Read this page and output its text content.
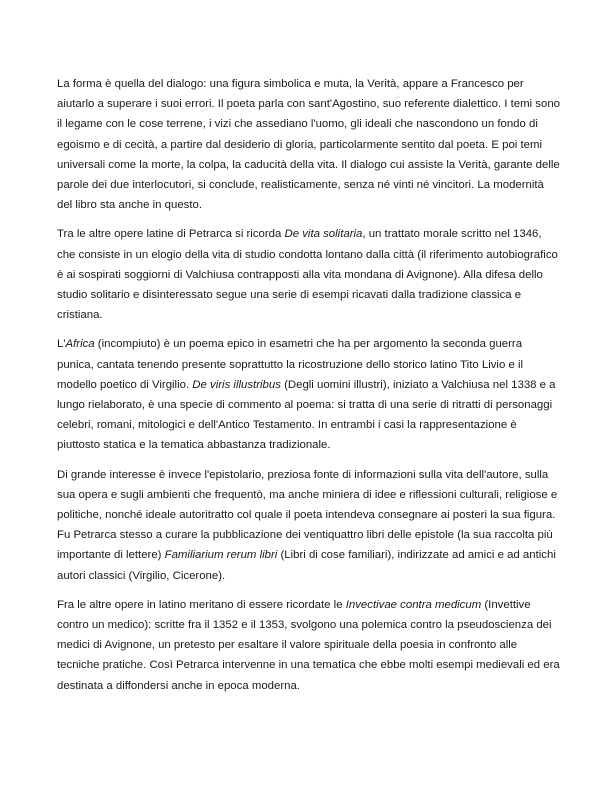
La forma è quella del dialogo: una figura simbolica e muta, la Verità, appare a Francesco per aiutarlo a superare i suoi errori. Il poeta parla con sant'Agostino, suo referente dialettico. I temi sono il legame con le cose terrene, i vizi che assediano l'uomo, gli ideali che nascondono un fondo di egoismo e di cecità, a partire dal desiderio di gloria, particolarmente sentito dal poeta. E poi temi universali come la morte, la colpa, la caducità della vita. Il dialogo cui assiste la Verità, garante delle parole dei due interlocutori, si conclude, realisticamente, senza né vinti né vincitori. La modernità del libro sta anche in questo.

Tra le altre opere latine di Petrarca si ricorda De vita solitaria, un trattato morale scritto nel 1346, che consiste in un elogio della vita di studio condotta lontano dalla città (il riferimento autobiografico è ai sospirati soggiorni di Valchiusa contrapposti alla vita mondana di Avignone). Alla difesa dello studio solitario e disinteressato segue una serie di esempi ricavati dalla tradizione classica e cristiana.

L'Africa (incompiuto) è un poema epico in esametri che ha per argomento la seconda guerra punica, cantata tenendo presente soprattutto la ricostruzione dello storico latino Tito Livio e il modello poetico di Virgilio. De viris illustribus (Degli uomini illustri), iniziato a Valchiusa nel 1338 e a lungo rielaborato, è una specie di commento al poema: si tratta di una serie di ritratti di personaggi celebri, romani, mitologici e dell'Antico Testamento. In entrambi i casi la rappresentazione è piuttosto statica e la tematica abbastanza tradizionale.

Di grande interesse è invece l'epistolario, preziosa fonte di informazioni sulla vita dell'autore, sulla sua opera e sugli ambienti che frequentò, ma anche miniera di idee e riflessioni culturali, religiose e politiche, nonché ideale autoritratto col quale il poeta intendeva consegnare ai posteri la sua figura. Fu Petrarca stesso a curare la pubblicazione dei ventiquattro libri delle epistole (la sua raccolta più importante di lettere) Familiarium rerum libri (Libri di cose familiari), indirizzate ad amici e ad antichi autori classici (Virgilio, Cicerone).

Fra le altre opere in latino meritano di essere ricordate le Invectivae contra medicum (Invettive contro un medico): scritte fra il 1352 e il 1353, svolgono una polemica contro la pseudoscienza dei medici di Avignone, un pretesto per esaltare il valore spirituale della poesia in confronto alle tecniche pratiche. Così Petrarca intervenne in una tematica che ebbe molti esempi medievali ed era destinata a diffondersi anche in epoca moderna.
